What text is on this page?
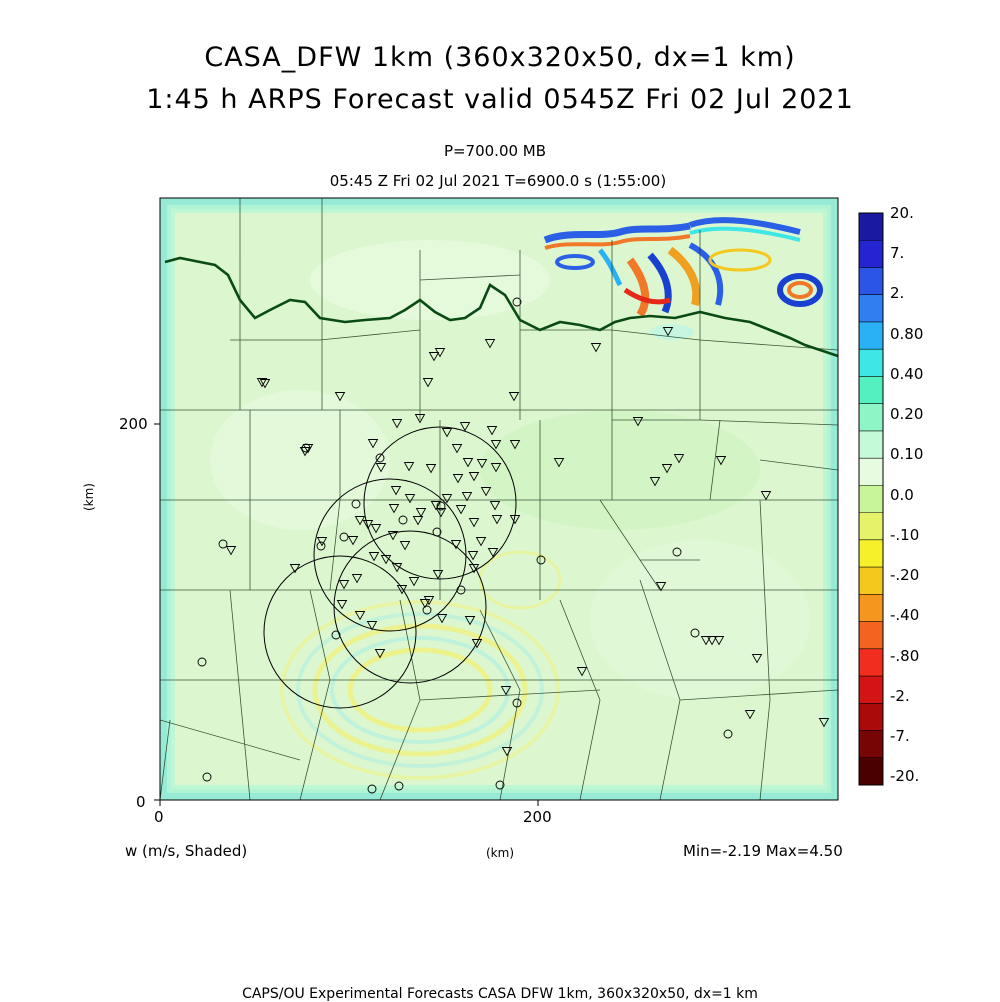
CASA_DFW 1km (360x320x50, dx=1 km)
1:45 h ARPS Forecast valid 0545Z Fri 02 Jul 2021
P=700.00 MB
05:45 Z Fri 02 Jul 2021 T=6900.0 s (1:55:00)
0	200
0
200
(km)
(km)
w (m/s, Shaded)	Min=-2.19 Max=4.50
20.
7.
2.
0.80
0.40
0.20
0.10
0.0
-.10
-.20
-.40
-.80
-2.
-7.
-20.
CAPS/OU Experimental Forecasts CASA DFW 1km, 360x320x50, dx=1 km
